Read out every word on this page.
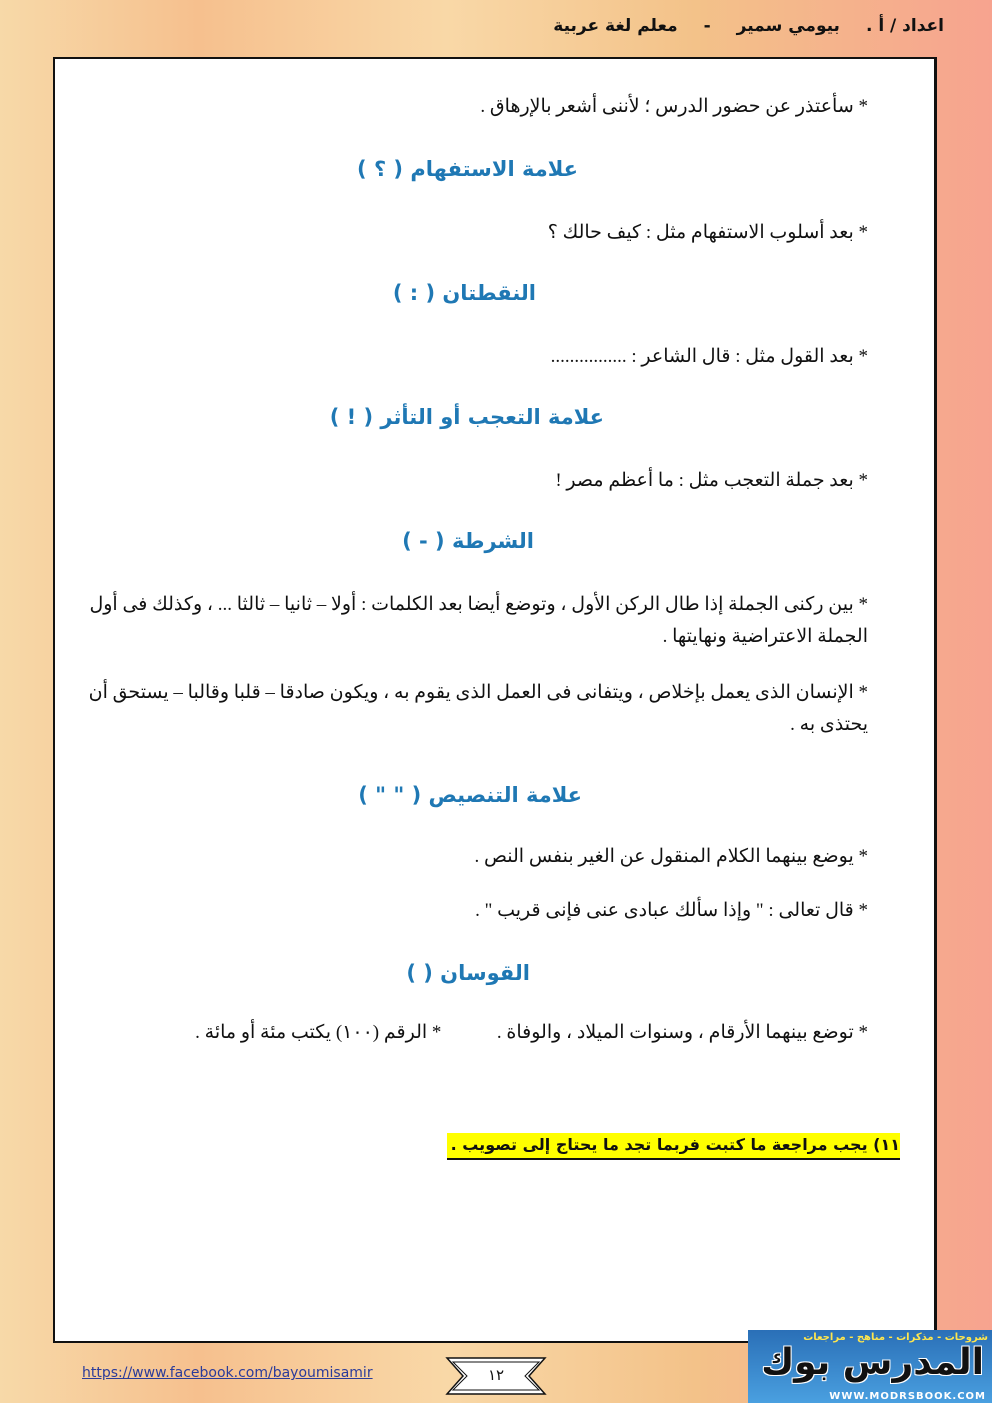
اعداد / أ .بيومي سمير-معلم لغة عربية
* سأعتذر عن حضور الدرس ؛ لأننى أشعر بالإرهاق .
علامة الاستفهام ( ؟ )
* بعد أسلوب الاستفهام مثل : كيف حالك ؟
النقطتان ( : )
* بعد القول مثل : قال الشاعر : ................
علامة التعجب أو التأثر ( ! )
* بعد جملة التعجب مثل : ما أعظم مصر !
الشرطة ( - )
* بين ركنى الجملة إذا طال الركن الأول ، وتوضع أيضا بعد الكلمات : أولا – ثانيا – ثالثا ... ، وكذلك فى أول الجملة الاعتراضية ونهايتها .
* الإنسان الذى يعمل بإخلاص ، ويتفانى فى العمل الذى يقوم به ، ويكون صادقا – قلبا وقالبا – يستحق أن يحتذى به .
علامة التنصيص ( " " )
* يوضع بينهما الكلام المنقول عن الغير بنفس النص .
* قال تعالى : " وإذا سألك عبادى عنى فإنى قريب " .
القوسان ( )
* توضع بينهما الأرقام ، وسنوات الميلاد ، والوفاة .  * الرقم (١٠٠) يكتب مئة أو مائة .
١١) يجب مراجعة ما كتبت فربما تجد ما يحتاج إلى تصويب .
https://www.facebook.com/bayoumisamir	١٢
شروحات - مذكرات - مناهج - مراجعات
المدرس بوك
WWW.MODRSBOOK.COM
